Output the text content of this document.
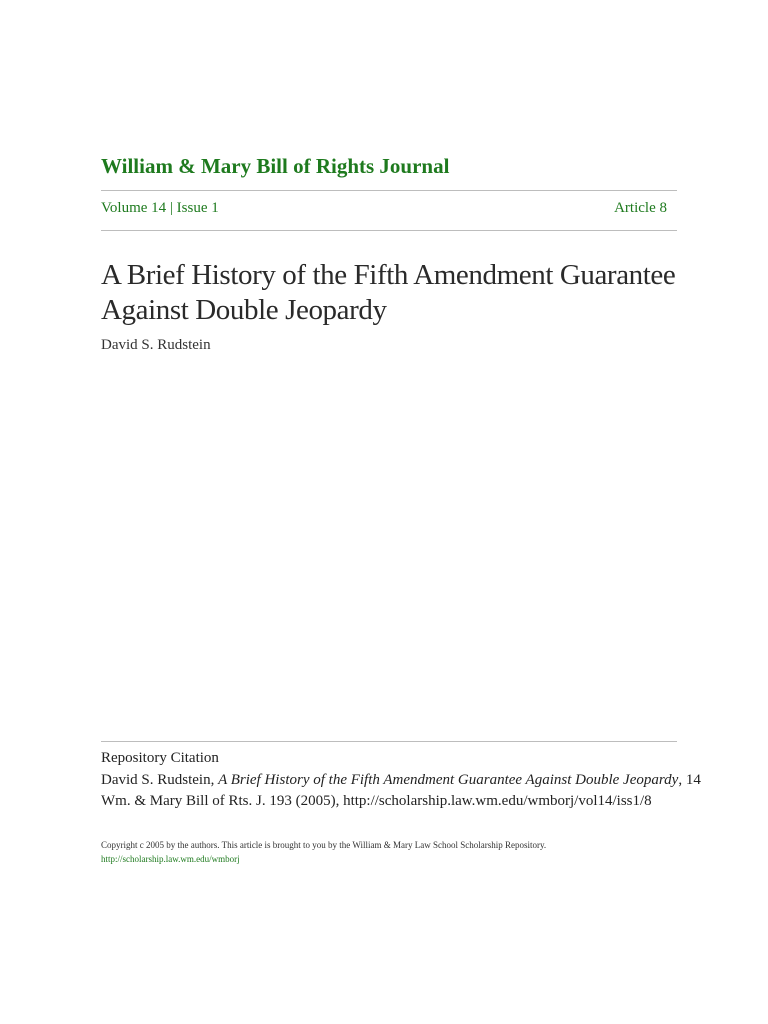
William & Mary Bill of Rights Journal
Volume 14 | Issue 1	Article 8
A Brief History of the Fifth Amendment Guarantee
Against Double Jeopardy
David S. Rudstein
Repository Citation
David S. Rudstein, A Brief History of the Fifth Amendment Guarantee Against Double Jeopardy, 14
Wm. & Mary Bill of Rts. J. 193 (2005), http://scholarship.law.wm.edu/wmborj/vol14/iss1/8
Copyright c 2005 by the authors. This article is brought to you by the William & Mary Law School Scholarship Repository.
http://scholarship.law.wm.edu/wmborj
